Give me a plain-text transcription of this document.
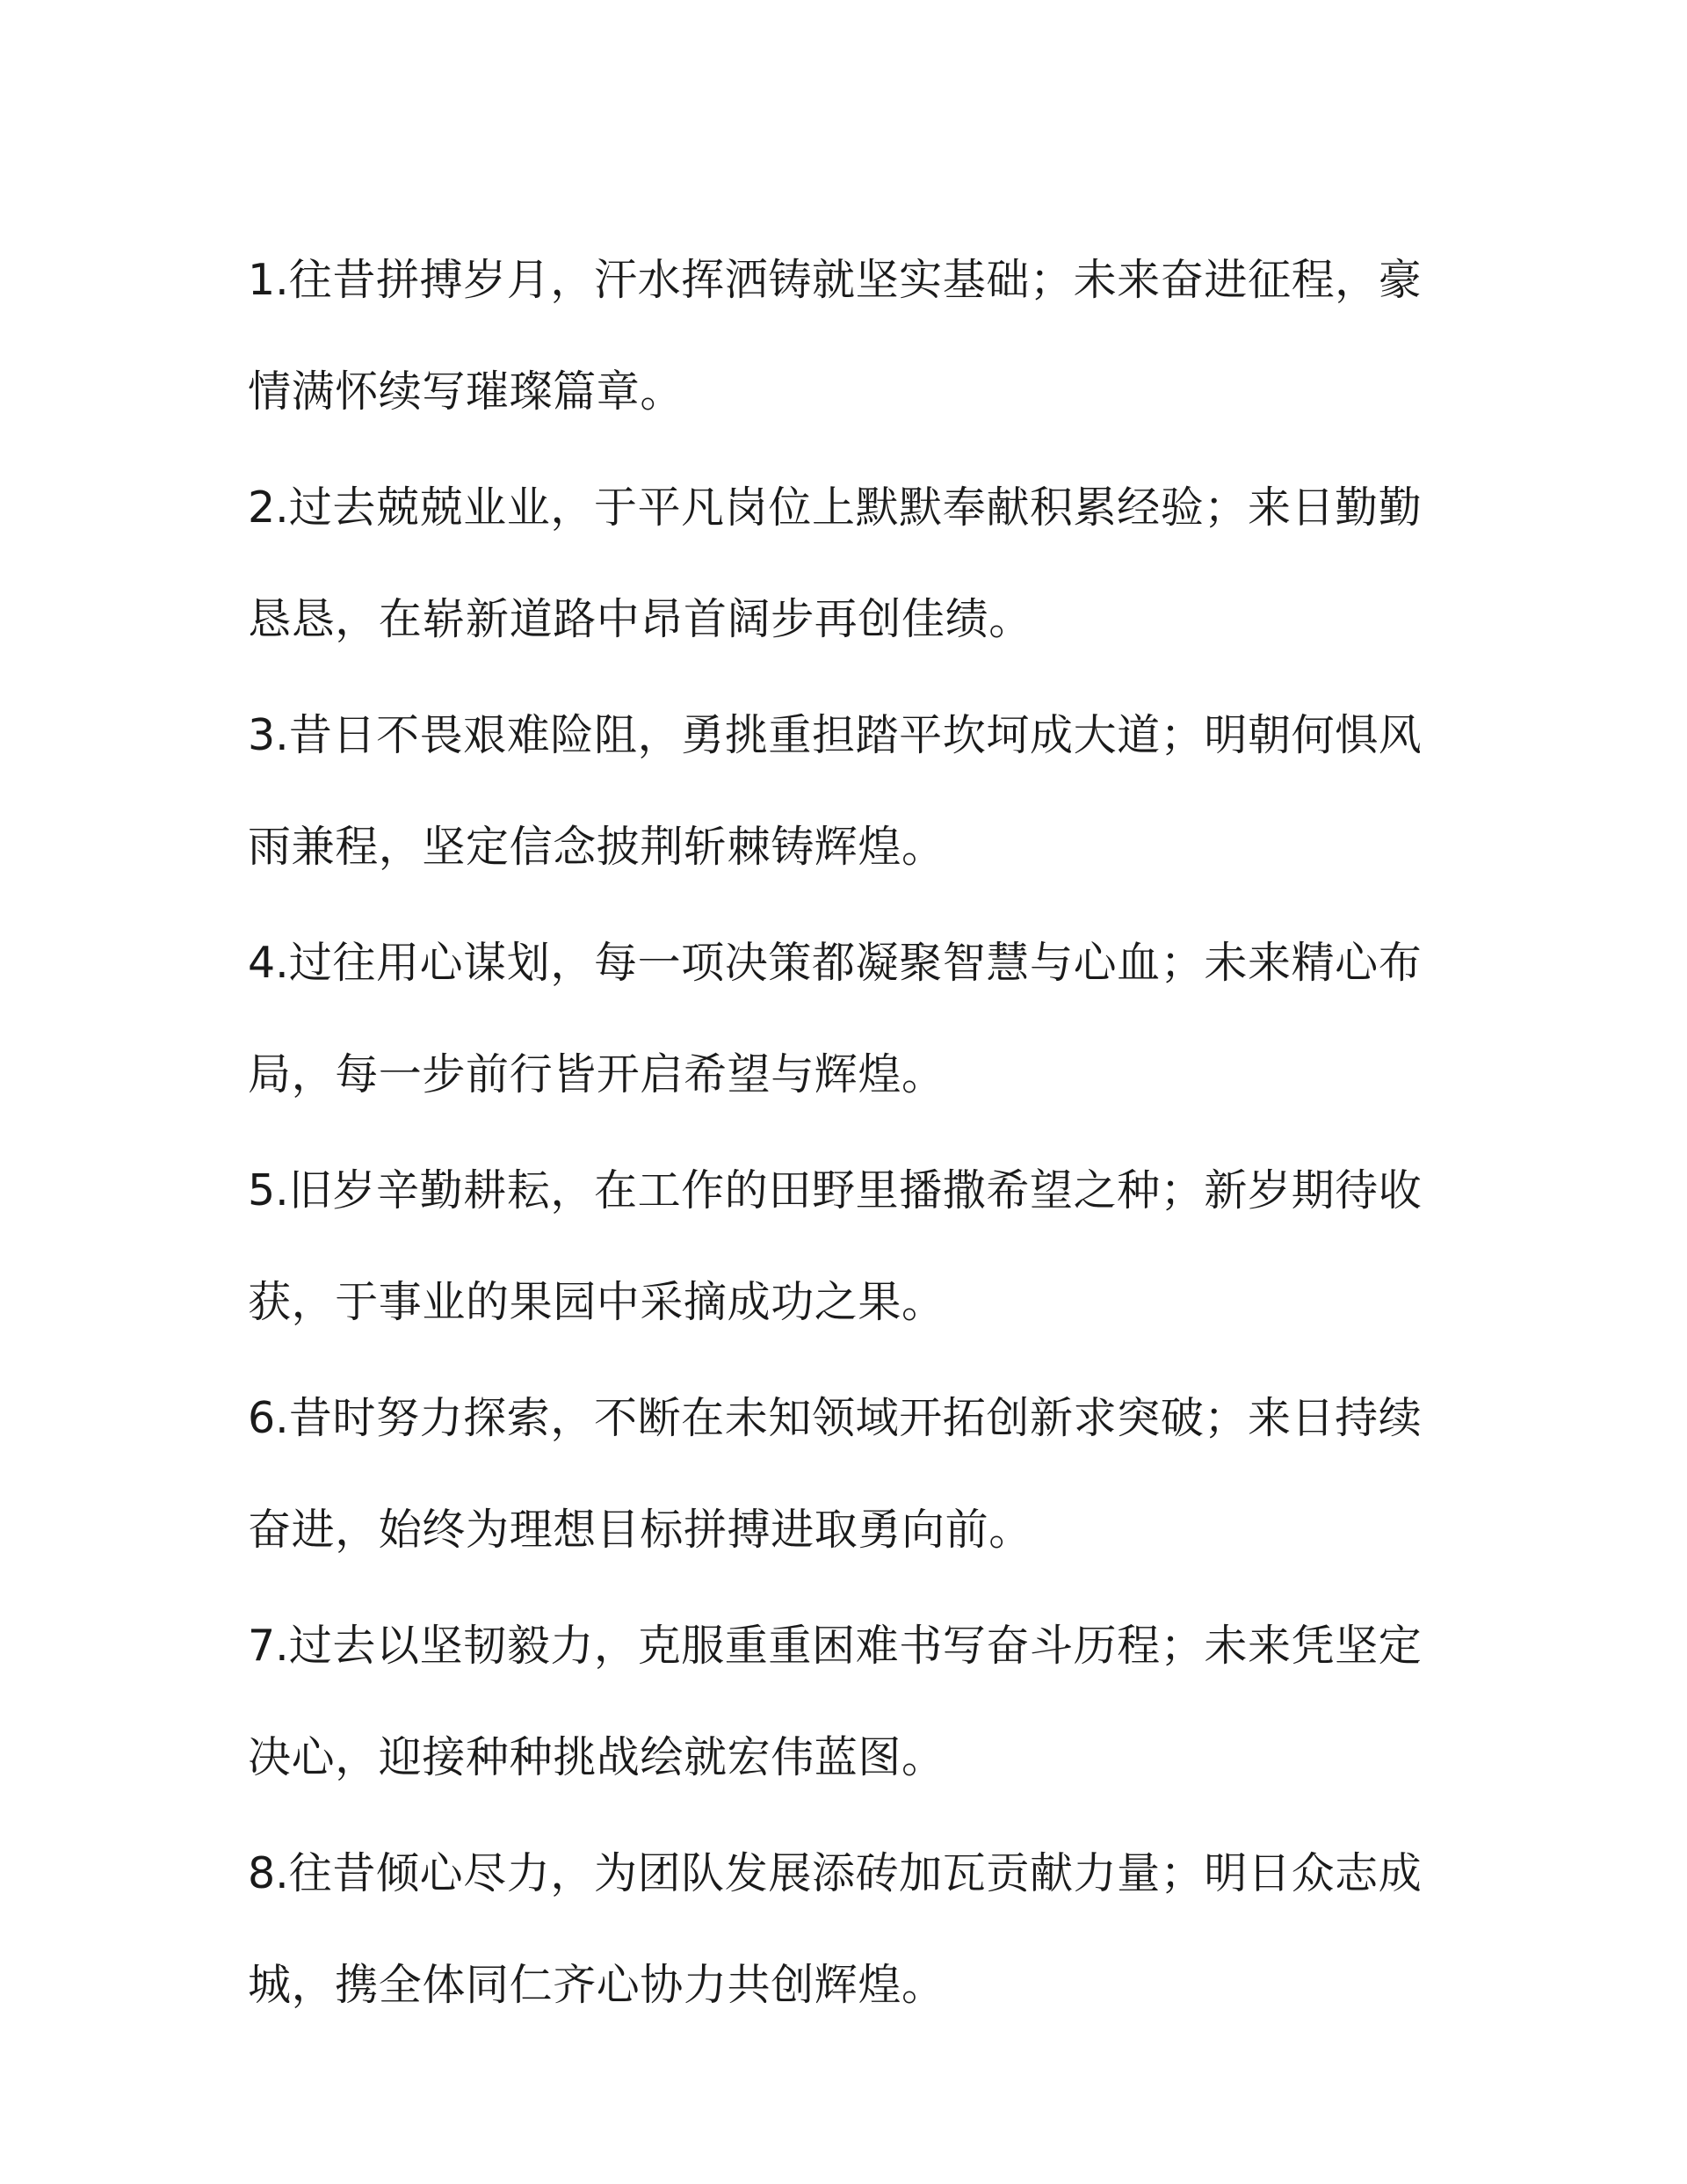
1.往昔拼搏岁月，汗水挥洒铸就坚实基础；未来奋进征程，豪情满怀续写璀璨篇章。

2.过去兢兢业业，于平凡岗位上默默奉献积累经验；来日勤勤恳恳，在崭新道路中昂首阔步再创佳绩。

3.昔日不畏艰难险阻，勇挑重担踏平坎坷成大道；明朝何惧风雨兼程，坚定信念披荆斩棘铸辉煌。

4.过往用心谋划，每一项决策都凝聚智慧与心血；未来精心布局，每一步前行皆开启希望与辉煌。

5.旧岁辛勤耕耘，在工作的田野里播撒希望之种；新岁期待收获，于事业的果园中采摘成功之果。

6.昔时努力探索，不断在未知领域开拓创新求突破；来日持续奋进，始终为理想目标拼搏进取勇向前。

7.过去以坚韧毅力，克服重重困难书写奋斗历程；未来凭坚定决心，迎接种种挑战绘就宏伟蓝图。

8.往昔倾心尽力，为团队发展添砖加瓦贡献力量；明日众志成城，携全体同仁齐心协力共创辉煌。
